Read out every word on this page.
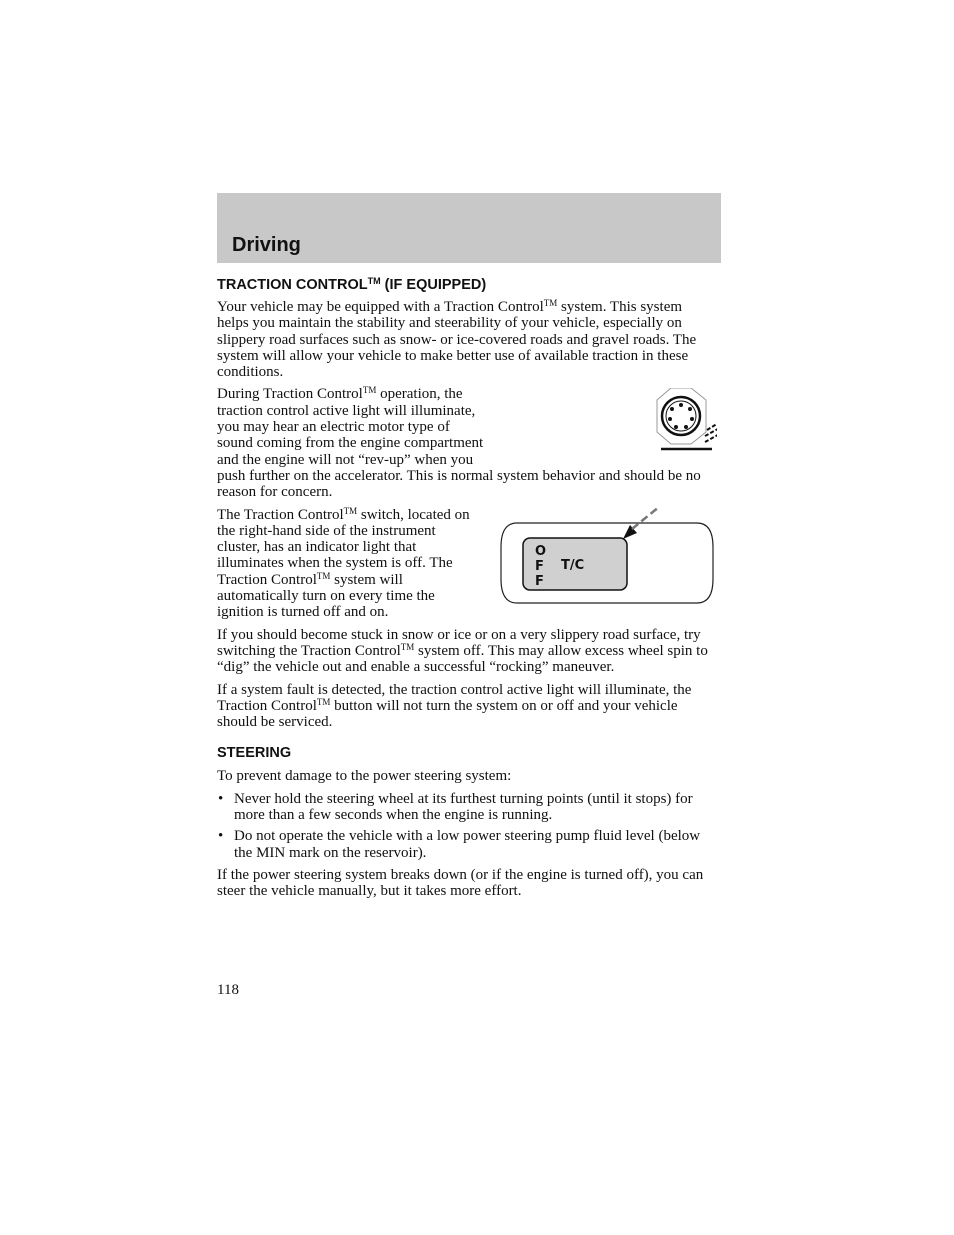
Driving
TRACTION CONTROL™ (IF EQUIPPED)

Your vehicle may be equipped with a Traction Control™ system. This system helps you maintain the stability and steerability of your vehicle, especially on slippery road surfaces such as snow- or ice-covered roads and gravel roads. The system will allow your vehicle to make better use of available traction in these conditions.

During Traction Control™ operation, the traction control active light will illuminate, you may hear an electric motor type of sound coming from the engine compartment and the engine will not “rev-up” when you push further on the accelerator. This is normal system behavior and should be no reason for concern.

O
F
F
T/C

The Traction Control™ switch, located on the right-hand side of the instrument cluster, has an indicator light that illuminates when the system is off. The Traction Control™ system will automatically turn on every time the ignition is turned off and on.

If you should become stuck in snow or ice or on a very slippery road surface, try switching the Traction Control™ system off. This may allow excess wheel spin to “dig” the vehicle out and enable a successful “rocking” maneuver.

If a system fault is detected, the traction control active light will illuminate, the Traction Control™ button will not turn the system on or off and your vehicle should be serviced.

STEERING

To prevent damage to the power steering system:

• Never hold the steering wheel at its furthest turning points (until it stops) for more than a few seconds when the engine is running.
• Do not operate the vehicle with a low power steering pump fluid level (below the MIN mark on the reservoir).

If the power steering system breaks down (or if the engine is turned off), you can steer the vehicle manually, but it takes more effort.

118
